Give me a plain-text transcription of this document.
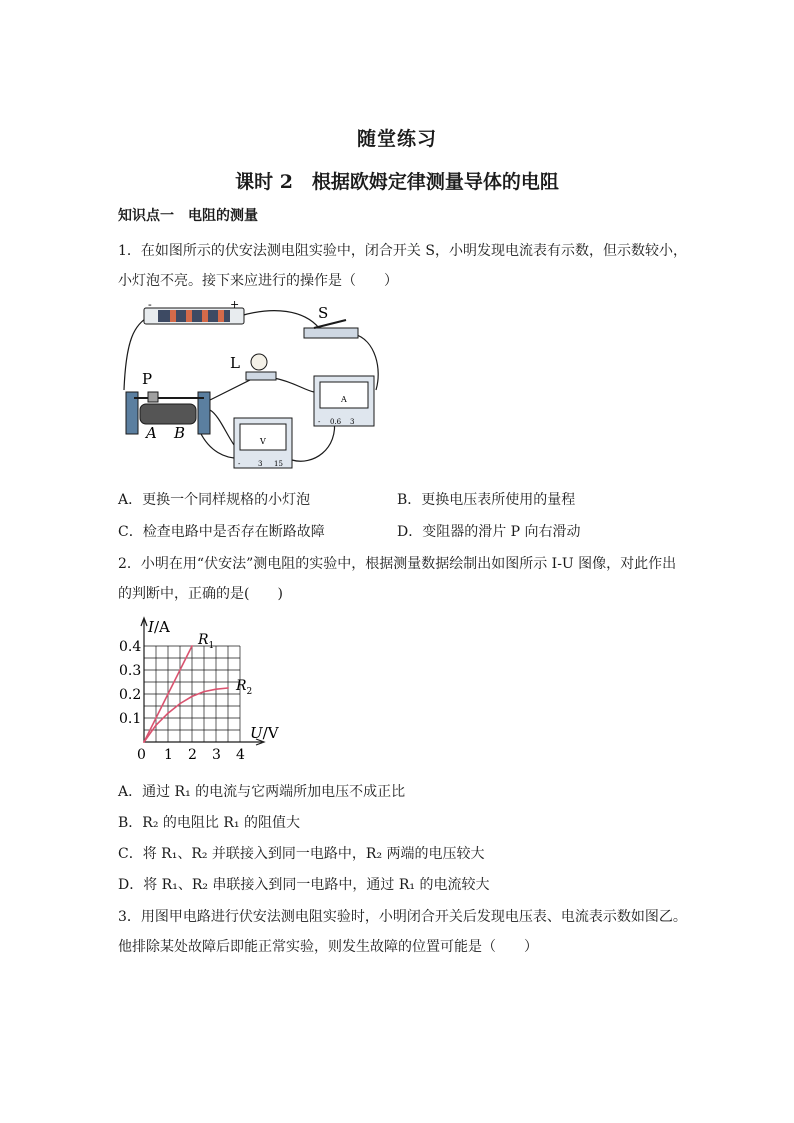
随堂练习
课时 2　根据欧姆定律测量导体的电阻
知识点一　电阻的测量
1．在如图所示的伏安法测电阻实验中，闭合开关 S，小明发现电流表有示数，但示数较小，
小灯泡不亮。接下来应进行的操作是（　　）
-	+	S
L
P
A B
A
- 0.6 3
V
-	3 15
A．更换一个同样规格的小灯泡	B．更换电压表所使用的量程
C．检查电路中是否存在断路故障	D．变阻器的滑片 P 向右滑动
2．小明在用“伏安法”测电阻的实验中，根据测量数据绘制出如图所示 I-U 图像，对此作出
的判断中，正确的是(　　)
0.1
0.2
0.3
0.4
0 1 2 3 4
I/A
U/V
$R_1$
$R_2$
A．通过 R₁ 的电流与它两端所加电压不成正比
B．R₂ 的电阻比 R₁ 的阻值大
C．将 R₁、R₂ 并联接入到同一电路中，R₂ 两端的电压较大
D．将 R₁、R₂ 串联接入到同一电路中，通过 R₁ 的电流较大
3．用图甲电路进行伏安法测电阻实验时，小明闭合开关后发现电压表、电流表示数如图乙。
他排除某处故障后即能正常实验，则发生故障的位置可能是（　　）
